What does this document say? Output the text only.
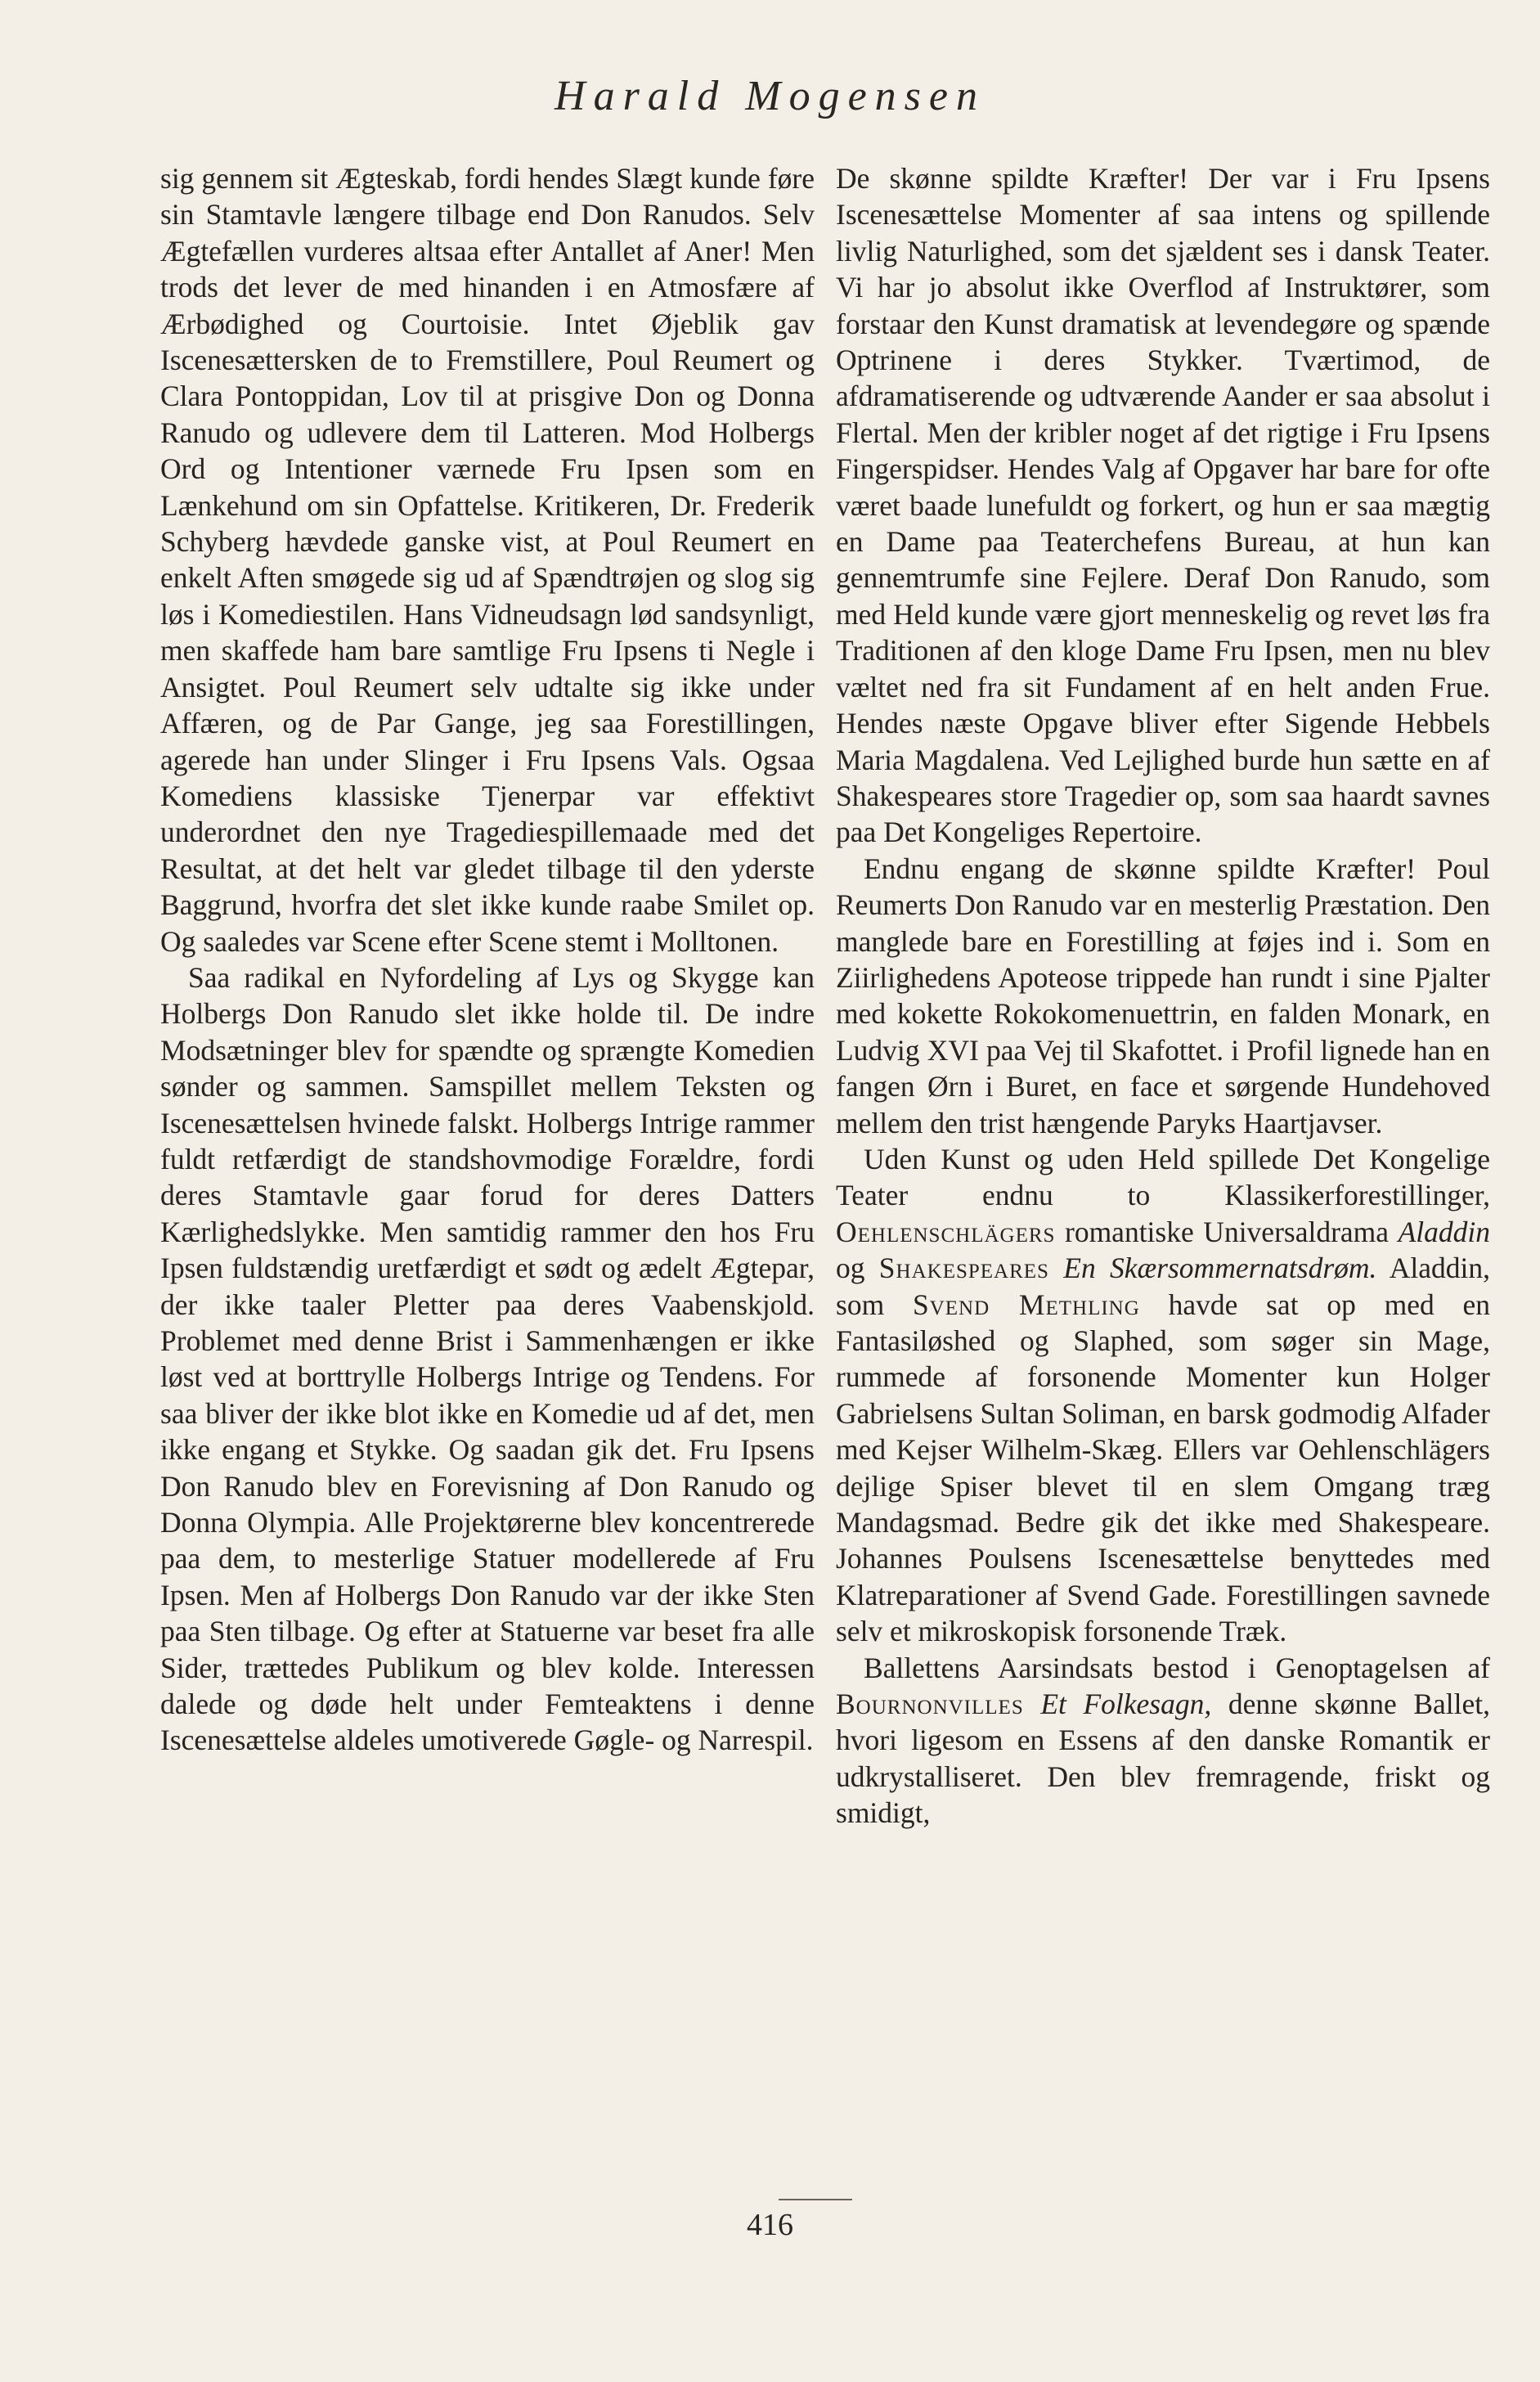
Harald Mogensen

sig gennem sit Ægteskab, fordi hendes Slægt kunde føre sin Stamtavle længere tilbage end Don Ranudos. Selv Ægtefællen vurderes altsaa efter Antallet af Aner! Men trods det lever de med hinanden i en Atmosfære af Ærbødighed og Courtoisie. Intet Øjeblik gav Iscenesættersken de to Fremstillere, Poul Reumert og Clara Pontoppidan, Lov til at prisgive Don og Donna Ranudo og udlevere dem til Latteren. Mod Holbergs Ord og Intentioner værnede Fru Ipsen som en Lænkehund om sin Opfattelse. Kritikeren, Dr. Frederik Schyberg hævdede ganske vist, at Poul Reumert en enkelt Aften smøgede sig ud af Spændtrøjen og slog sig løs i Komediestilen. Hans Vidneudsagn lød sandsynligt, men skaffede ham bare samtlige Fru Ipsens ti Negle i Ansigtet. Poul Reumert selv udtalte sig ikke under Affæren, og de Par Gange, jeg saa Forestillingen, agerede han under Slinger i Fru Ipsens Vals. Ogsaa Komediens klassiske Tjenerpar var effektivt underordnet den nye Tragediespillemaade med det Resultat, at det helt var gledet tilbage til den yderste Baggrund, hvorfra det slet ikke kunde raabe Smilet op. Og saaledes var Scene efter Scene stemt i Molltonen.

Saa radikal en Nyfordeling af Lys og Skygge kan Holbergs Don Ranudo slet ikke holde til. De indre Modsætninger blev for spændte og sprængte Komedien sønder og sammen. Samspillet mellem Teksten og Iscenesættelsen hvinede falskt. Holbergs Intrige rammer fuldt retfærdigt de standshovmodige Forældre, fordi deres Stamtavle gaar forud for deres Datters Kærlighedslykke. Men samtidig rammer den hos Fru Ipsen fuldstændig uretfærdigt et sødt og ædelt Ægtepar, der ikke taaler Pletter paa deres Vaabenskjold. Problemet med denne Brist i Sammenhængen er ikke løst ved at borttrylle Holbergs Intrige og Tendens. For saa bliver der ikke blot ikke en Komedie ud af det, men ikke engang et Stykke. Og saadan gik det. Fru Ipsens Don Ranudo blev en Forevisning af Don Ranudo og Donna Olympia. Alle Projektørerne blev koncentrerede paa dem, to mesterlige Statuer modellerede af Fru Ipsen. Men af Holbergs Don Ranudo var der ikke Sten paa Sten tilbage. Og efter at Statuerne var beset fra alle Sider, trættedes Publikum og blev kolde. Interessen dalede og døde helt under Femteaktens i denne Iscenesættelse aldeles umotiverede Gøgle- og Narrespil.

De skønne spildte Kræfter! Der var i Fru Ipsens Iscenesættelse Momenter af saa intens og spillende livlig Naturlighed, som det sjældent ses i dansk Teater. Vi har jo absolut ikke Overflod af Instruktører, som forstaar den Kunst dramatisk at levendegøre og spænde Optrinene i deres Stykker. Tværtimod, de afdramatiserende og udtværende Aander er saa absolut i Flertal. Men der kribler noget af det rigtige i Fru Ipsens Fingerspidser. Hendes Valg af Opgaver har bare for ofte været baade lunefuldt og forkert, og hun er saa mægtig en Dame paa Teaterchefens Bureau, at hun kan gennemtrumfe sine Fejlere. Deraf Don Ranudo, som med Held kunde være gjort menneskelig og revet løs fra Traditionen af den kloge Dame Fru Ipsen, men nu blev væltet ned fra sit Fundament af en helt anden Frue. Hendes næste Opgave bliver efter Sigende Hebbels Maria Magdalena. Ved Lejlighed burde hun sætte en af Shakespeares store Tragedier op, som saa haardt savnes paa Det Kongeliges Repertoire.

Endnu engang de skønne spildte Kræfter! Poul Reumerts Don Ranudo var en mesterlig Præstation. Den manglede bare en Forestilling at føjes ind i. Som en Ziirlighedens Apoteose trippede han rundt i sine Pjalter med kokette Rokokomenuettrin, en falden Monark, en Ludvig XVI paa Vej til Skafottet. i Profil lignede han en fangen Ørn i Buret, en face et sørgende Hundehoved mellem den trist hængende Paryks Haartjavser.

Uden Kunst og uden Held spillede Det Kongelige Teater endnu to Klassikerforestillinger, Oehlenschlägers romantiske Universaldrama Aladdin og Shakespeares En Skærsommernatsdrøm. Aladdin, som Svend Methling havde sat op med en Fantasiløshed og Slaphed, som søger sin Mage, rummede af forsonende Momenter kun Holger Gabrielsens Sultan Soliman, en barsk godmodig Alfader med Kejser Wilhelm-Skæg. Ellers var Oehlenschlägers dejlige Spiser blevet til en slem Omgang træg Mandagsmad. Bedre gik det ikke med Shakespeare. Johannes Poulsens Iscenesættelse benyttedes med Klatreparationer af Svend Gade. Forestillingen savnede selv et mikroskopisk forsonende Træk.

Ballettens Aarsindsats bestod i Genoptagelsen af Bournonvilles Et Folkesagn, denne skønne Ballet, hvori ligesom en Essens af den danske Romantik er udkrystalliseret. Den blev fremragende, friskt og smidigt,

416
